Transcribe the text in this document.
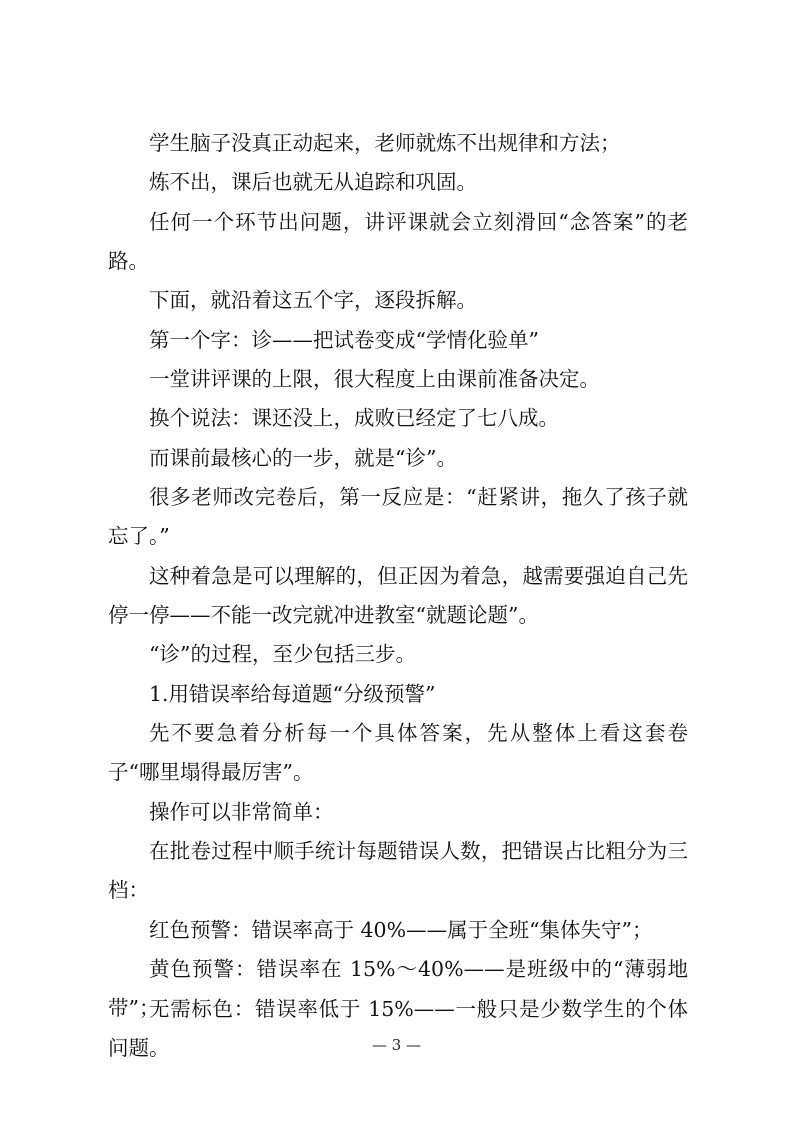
学生脑子没真正动起来，老师就炼不出规律和方法；

炼不出，课后也就无从追踪和巩固。

任何一个环节出问题，讲评课就会立刻滑回“念答案”的老路。

下面，就沿着这五个字，逐段拆解。

第一个字：诊——把试卷变成“学情化验单”

一堂讲评课的上限，很大程度上由课前准备决定。

换个说法：课还没上，成败已经定了七八成。

而课前最核心的一步，就是“诊”。

很多老师改完卷后，第一反应是：“赶紧讲，拖久了孩子就忘了。”

这种着急是可以理解的，但正因为着急，越需要强迫自己先停一停——不能一改完就冲进教室“就题论题”。

“诊”的过程，至少包括三步。

1.用错误率给每道题“分级预警”

先不要急着分析每一个具体答案，先从整体上看这套卷子“哪里塌得最厉害”。

操作可以非常简单：

在批卷过程中顺手统计每题错误人数，把错误占比粗分为三档：

红色预警：错误率高于 40%——属于全班“集体失守”；

黄色预警：错误率在 15%～40%——是班级中的“薄弱地带”；

无需标色：错误率低于 15%——一般只是少数学生的个体问题。	— 3 —
